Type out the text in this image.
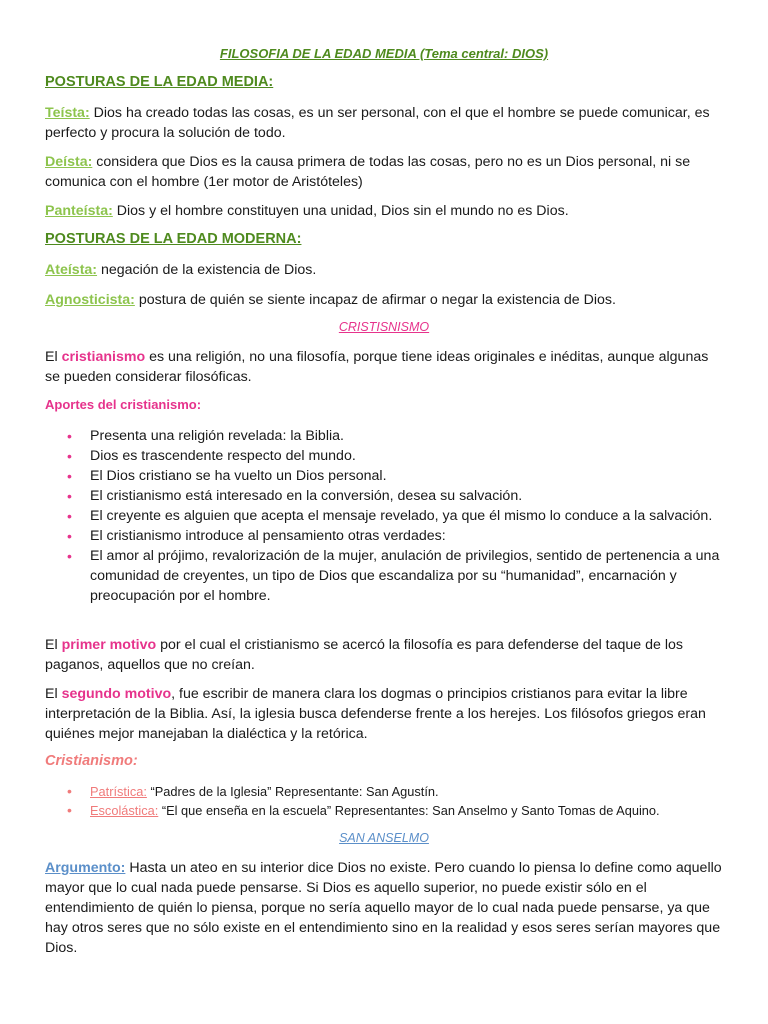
FILOSOFIA DE LA EDAD MEDIA (Tema central: DIOS)
POSTURAS DE LA EDAD MEDIA:
Teísta: Dios ha creado todas las cosas, es un ser personal, con el que el hombre se puede comunicar, es perfecto y procura la solución de todo.
Deísta: considera que Dios es la causa primera de todas las cosas, pero no es un Dios personal, ni se comunica con el hombre (1er motor de Aristóteles)
Panteísta: Dios y el hombre constituyen una unidad, Dios sin el mundo no es Dios.
POSTURAS DE LA EDAD MODERNA:
Ateísta: negación de la existencia de Dios.
Agnosticista: postura de quién se siente incapaz de afirmar o negar la existencia de Dios.
CRISTISNISMO
El cristianismo es una religión, no una filosofía, porque tiene ideas originales e inéditas, aunque algunas se pueden considerar filosóficas.
Aportes del cristianismo:
• Presenta una religión revelada: la Biblia.
• Dios es trascendente respecto del mundo.
• El Dios cristiano se ha vuelto un Dios personal.
• El cristianismo está interesado en la conversión, desea su salvación.
• El creyente es alguien que acepta el mensaje revelado, ya que él mismo lo conduce a la salvación.
• El cristianismo introduce al pensamiento otras verdades:
• El amor al prójimo, revalorización de la mujer, anulación de privilegios, sentido de pertenencia a una comunidad de creyentes, un tipo de Dios que escandaliza por su “humanidad”, encarnación y preocupación por el hombre.
El primer motivo por el cual el cristianismo se acercó la filosofía es para defenderse del taque de los paganos, aquellos que no creían.
El segundo motivo, fue escribir de manera clara los dogmas o principios cristianos para evitar la libre interpretación de la Biblia. Así, la iglesia busca defenderse frente a los herejes. Los filósofos griegos eran quiénes mejor manejaban la dialéctica y la retórica.
Cristianismo:
• Patrística: “Padres de la Iglesia” Representante: San Agustín.
• Escolástica: “El que enseña en la escuela” Representantes: San Anselmo y Santo Tomas de Aquino.
SAN ANSELMO
Argumento: Hasta un ateo en su interior dice Dios no existe. Pero cuando lo piensa lo define como aquello mayor que lo cual nada puede pensarse. Si Dios es aquello superior, no puede existir sólo en el entendimiento de quién lo piensa, porque no sería aquello mayor de lo cual nada puede pensarse, ya que hay otros seres que no sólo existe en el entendimiento sino en la realidad y esos seres serían mayores que Dios.
